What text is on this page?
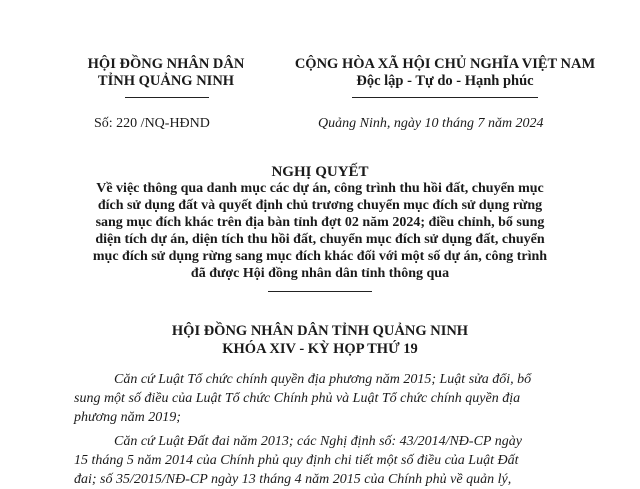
HỘI ĐỒNG NHÂN DÂN
TỈNH QUẢNG NINH
CỘNG HÒA XÃ HỘI CHỦ NGHĨA VIỆT NAM
Độc lập - Tự do - Hạnh phúc
Số: 220 /NQ-HĐND	Quảng Ninh, ngày 10 tháng 7 năm 2024
NGHỊ QUYẾT
Về việc thông qua danh mục các dự án, công trình thu hồi đất, chuyển mục
đích sử dụng đất và quyết định chủ trương chuyển mục đích sử dụng rừng
sang mục đích khác trên địa bàn tỉnh đợt 02 năm 2024; điều chỉnh, bổ sung
diện tích dự án, diện tích thu hồi đất, chuyển mục đích sử dụng đất, chuyển
mục đích sử dụng rừng sang mục đích khác đối với một số dự án, công trình
đã được Hội đồng nhân dân tỉnh thông qua
HỘI ĐỒNG NHÂN DÂN TỈNH QUẢNG NINH
KHÓA XIV - KỲ HỌP THỨ 19
Căn cứ Luật Tổ chức chính quyền địa phương năm 2015; Luật sửa đổi, bổ
sung một số điều của Luật Tổ chức Chính phủ và Luật Tổ chức chính quyền địa
phương năm 2019;
Căn cứ Luật Đất đai năm 2013; các Nghị định số: 43/2014/NĐ-CP ngày
15 tháng 5 năm 2014 của Chính phủ quy định chi tiết một số điều của Luật Đất
đai; số 35/2015/NĐ-CP ngày 13 tháng 4 năm 2015 của Chính phủ về quản lý,
